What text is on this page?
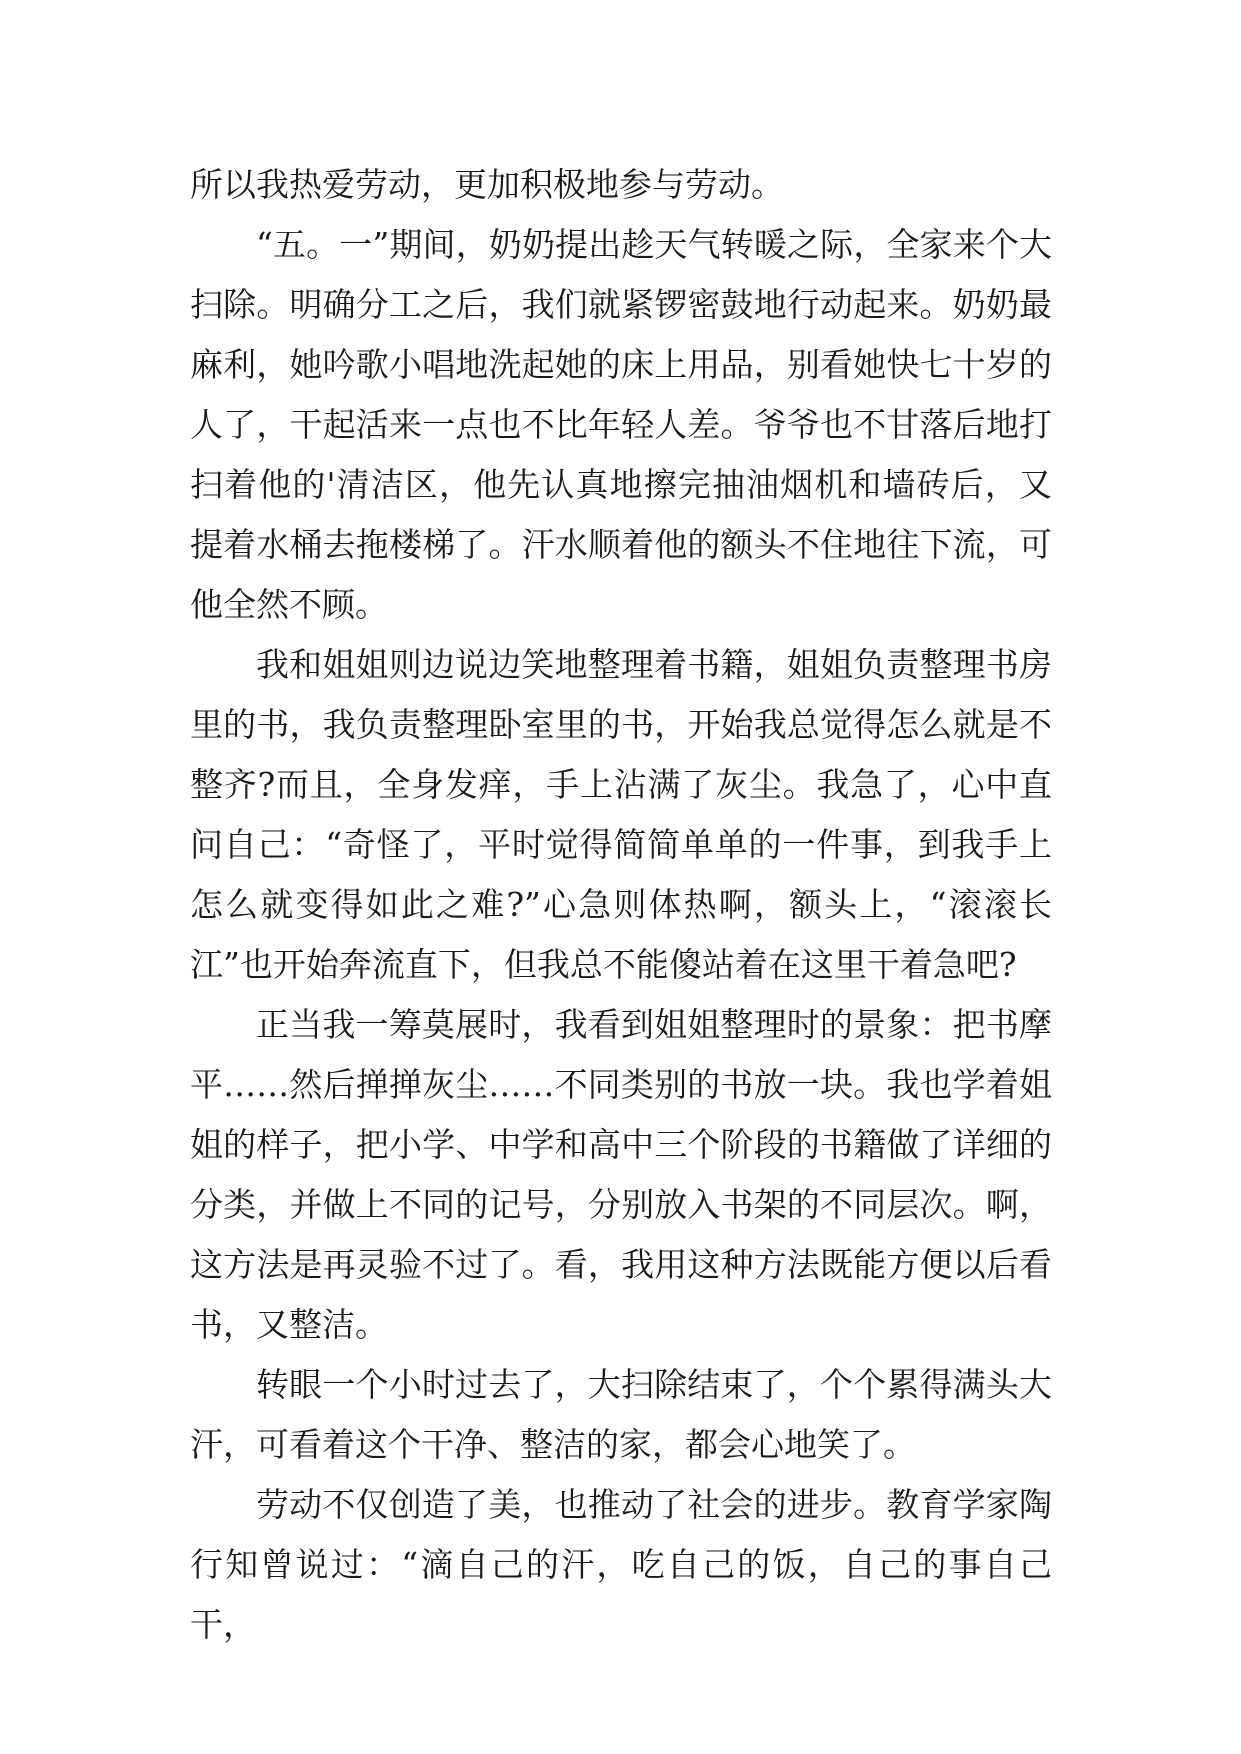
所以我热爱劳动，更加积极地参与劳动。

“五。一”期间，奶奶提出趁天气转暖之际，全家来个大扫除。明确分工之后，我们就紧锣密鼓地行动起来。奶奶最麻利，她吟歌小唱地洗起她的床上用品，别看她快七十岁的人了，干起活来一点也不比年轻人差。爷爷也不甘落后地打扫着他的'清洁区，他先认真地擦完抽油烟机和墙砖后，又提着水桶去拖楼梯了。汗水顺着他的额头不住地往下流，可他全然不顾。

我和姐姐则边说边笑地整理着书籍，姐姐负责整理书房里的书，我负责整理卧室里的书，开始我总觉得怎么就是不整齐?而且，全身发痒，手上沾满了灰尘。我急了，心中直问自己：“奇怪了，平时觉得简简单单的一件事，到我手上怎么就变得如此之难?”心急则体热啊，额头上，“滚滚长江”也开始奔流直下，但我总不能傻站着在这里干着急吧?

正当我一筹莫展时，我看到姐姐整理时的景象：把书摩平……然后掸掸灰尘……不同类别的书放一块。我也学着姐姐的样子，把小学、中学和高中三个阶段的书籍做了详细的分类，并做上不同的记号，分别放入书架的不同层次。啊，这方法是再灵验不过了。看，我用这种方法既能方便以后看书，又整洁。

转眼一个小时过去了，大扫除结束了，个个累得满头大汗，可看着这个干净、整洁的家，都会心地笑了。

劳动不仅创造了美，也推动了社会的进步。教育学家陶行知曾说过：“滴自己的汗，吃自己的饭，自己的事自己干，
